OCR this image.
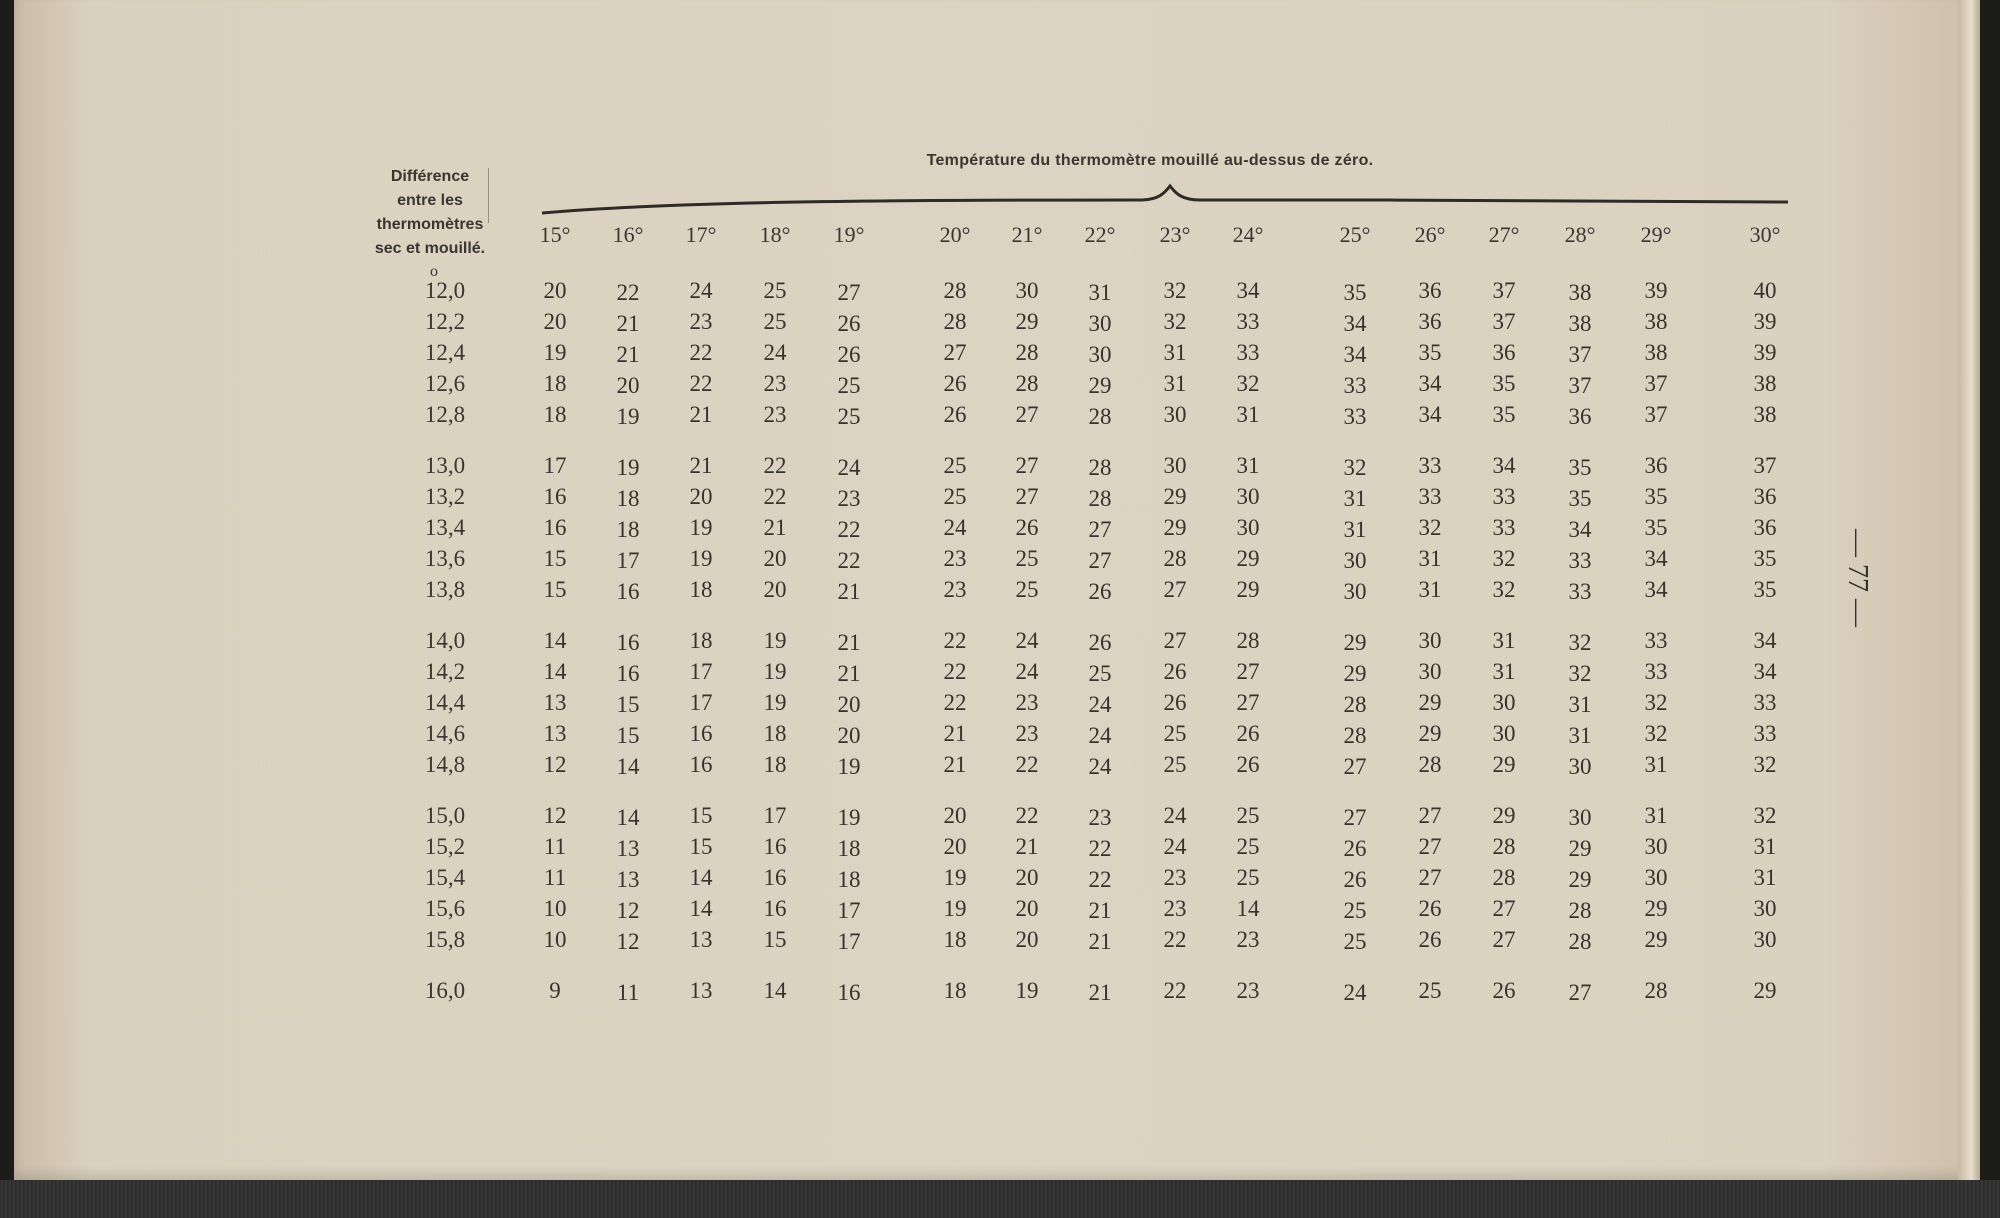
Différence
entre les
thermomètres
sec et mouillé.
Température du thermomètre mouillé au-dessus de zéro.
15° 16° 17° 18° 19°	20° 21° 22° 23° 24°	25° 26° 27° 28° 29°	30°
o
12,0	20 22 24 25 27	28 30 31 32 34	35 36 37 38 39	40
12,2	20 21 23 25 26	28 29 30 32 33	34 36 37 38 38	39
12,4	19 21 22 24 26	27 28 30 31 33	34 35 36 37 38	39
12,6	18 20 22 23 25	26 28 29 31 32	33 34 35 37 37	38
12,8	18 19 21 23 25	26 27 28 30 31	33 34 35 36 37	38
13,0	17 19 21 22 24	25 27 28 30 31	32 33 34 35 36	37
13,2	16 18 20 22 23	25 27 28 29 30	31 33 33 35 35	36
13,4	16 18 19 21 22	24 26 27 29 30	31 32 33 34 35	36
13,6	15 17 19 20 22	23 25 27 28 29	30 31 32 33 34	35
13,8	15 16 18 20 21	23 25 26 27 29	30 31 32 33 34	35
14,0	14 16 18 19 21	22 24 26 27 28	29 30 31 32 33	34
14,2	14 16 17 19 21	22 24 25 26 27	29 30 31 32 33	34
14,4	13 15 17 19 20	22 23 24 26 27	28 29 30 31 32	33
14,6	13 15 16 18 20	21 23 24 25 26	28 29 30 31 32	33
14,8	12 14 16 18 19	21 22 24 25 26	27 28 29 30 31	32
15,0	12 14 15 17 19	20 22 23 24 25	27 27 29 30 31	32
15,2	11 13 15 16 18	20 21 22 24 25	26 27 28 29 30	31
15,4	11 13 14 16 18	19 20 22 23 25	26 27 28 29 30	31
15,6	10 12 14 16 17	19 20 21 23 14	25 26 27 28 29	30
15,8	10 12 13 15 17	18 20 21 22 23	25 26 27 28 29	30
16,0	9 11 13 14 16	18 19 21 22 23	24 25 26 27 28	29
— 77 —
